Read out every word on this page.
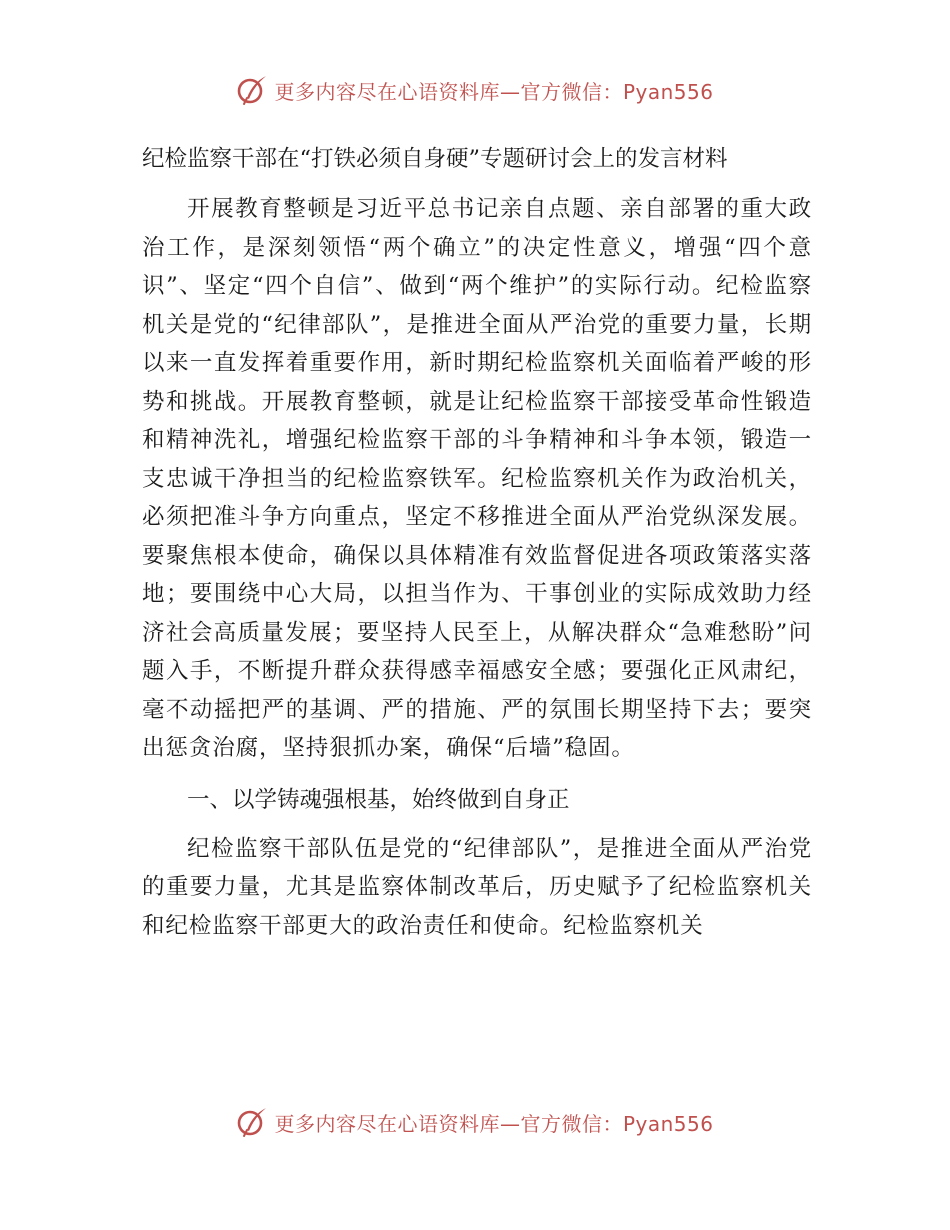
更多内容尽在心语资料库—官方微信：Pyan556
纪检监察干部在“打铁必须自身硬”专题研讨会上的发言材料

开展教育整顿是习近平总书记亲自点题、亲自部署的重大政治工作，是深刻领悟“两个确立”的决定性意义，增强“四个意识”、坚定“四个自信”、做到“两个维护”的实际行动。纪检监察机关是党的“纪律部队”，是推进全面从严治党的重要力量，长期以来一直发挥着重要作用，新时期纪检监察机关面临着严峻的形势和挑战。开展教育整顿，就是让纪检监察干部接受革命性锻造和精神洗礼，增强纪检监察干部的斗争精神和斗争本领，锻造一支忠诚干净担当的纪检监察铁军。纪检监察机关作为政治机关，必须把准斗争方向重点，坚定不移推进全面从严治党纵深发展。要聚焦根本使命，确保以具体精准有效监督促进各项政策落实落地；要围绕中心大局，以担当作为、干事创业的实际成效助力经济社会高质量发展；要坚持人民至上，从解决群众“急难愁盼”问题入手，不断提升群众获得感幸福感安全感；要强化正风肃纪，毫不动摇把严的基调、严的措施、严的氛围长期坚持下去；要突出惩贪治腐，坚持狠抓办案，确保“后墙”稳固。

一、以学铸魂强根基，始终做到自身正

纪检监察干部队伍是党的“纪律部队”，是推进全面从严治党的重要力量，尤其是监察体制改革后，历史赋予了纪检监察机关和纪检监察干部更大的政治责任和使命。纪检监察机关

更多内容尽在心语资料库—官方微信：Pyan556
